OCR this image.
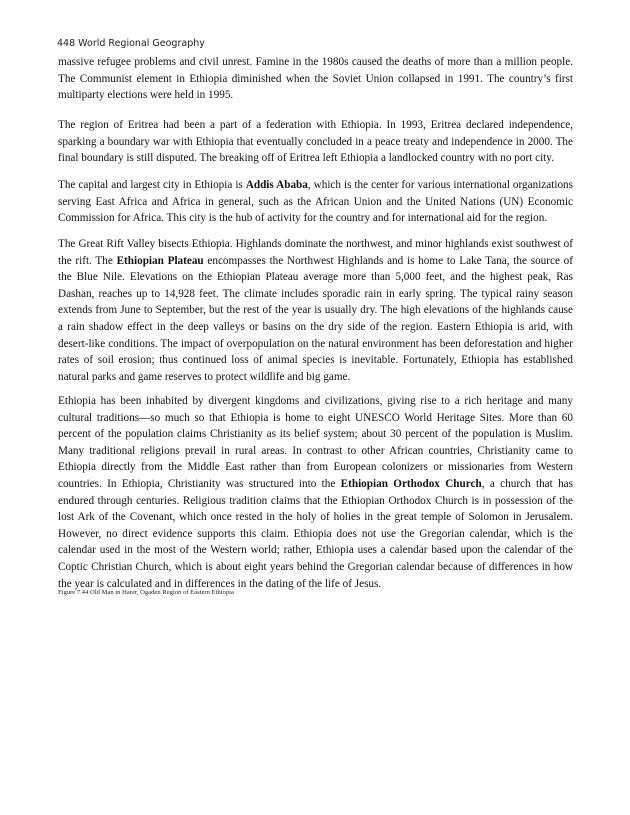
448 World Regional Geography

massive refugee problems and civil unrest. Famine in the 1980s caused the deaths of more than a million people. The Communist element in Ethiopia diminished when the Soviet Union collapsed in 1991. The country’s first multiparty elections were held in 1995.

The region of Eritrea had been a part of a federation with Ethiopia. In 1993, Eritrea declared independence, sparking a boundary war with Ethiopia that eventually concluded in a peace treaty and independence in 2000. The final boundary is still disputed. The breaking off of Eritrea left Ethiopia a landlocked country with no port city.

The capital and largest city in Ethiopia is Addis Ababa, which is the center for various international organizations serving East Africa and Africa in general, such as the African Union and the United Nations (UN) Economic Commission for Africa. This city is the hub of activity for the country and for international aid for the region.

The Great Rift Valley bisects Ethiopia. Highlands dominate the northwest, and minor highlands exist southwest of the rift. The Ethiopian Plateau encompasses the Northwest Highlands and is home to Lake Tana, the source of the Blue Nile. Elevations on the Ethiopian Plateau average more than 5,000 feet, and the highest peak, Ras Dashan, reaches up to 14,928 feet. The climate includes sporadic rain in early spring. The typical rainy season extends from June to September, but the rest of the year is usually dry. The high elevations of the highlands cause a rain shadow effect in the deep valleys or basins on the dry side of the region. Eastern Ethiopia is arid, with desert-like conditions. The impact of overpopulation on the natural environment has been deforestation and higher rates of soil erosion; thus continued loss of animal species is inevitable. Fortunately, Ethiopia has established natural parks and game reserves to protect wildlife and big game.

Ethiopia has been inhabited by divergent kingdoms and civilizations, giving rise to a rich heritage and many cultural traditions—so much so that Ethiopia is home to eight UNESCO World Heritage Sites. More than 60 percent of the population claims Christianity as its belief system; about 30 percent of the population is Muslim. Many traditional religions prevail in rural areas. In contrast to other African countries, Christianity came to Ethiopia directly from the Middle East rather than from European colonizers or missionaries from Western countries. In Ethiopia, Christianity was structured into the Ethiopian Orthodox Church, a church that has endured through centuries. Religious tradition claims that the Ethiopian Orthodox Church is in possession of the lost Ark of the Covenant, which once rested in the holy of holies in the great temple of Solomon in Jerusalem. However, no direct evidence supports this claim. Ethiopia does not use the Gregorian calendar, which is the calendar used in the most of the Western world; rather, Ethiopia uses a calendar based upon the calendar of the Coptic Christian Church, which is about eight years behind the Gregorian calendar because of differences in how the year is calculated and in differences in the dating of the life of Jesus.

Figure 7.44 Old Man in Harer, Ogaden Region of Eastern Ethiopia
